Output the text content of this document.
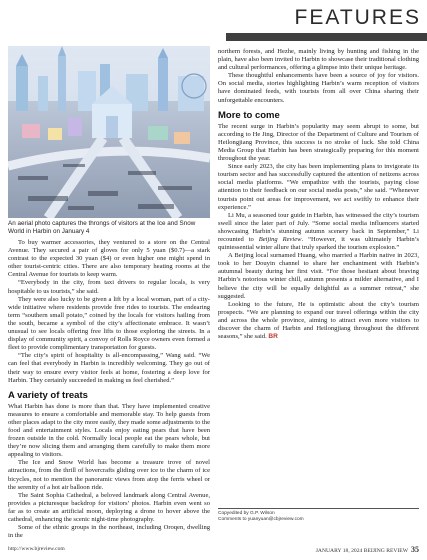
FEATURES
An aerial photo captures the throngs of visitors at the Ice and Snow World in Harbin on January 4

To buy warmer accessories, they ventured to a store on the Central Avenue. They secured a pair of gloves for only 5 yuan ($0.7)—a stark contrast to the expected 30 yuan ($4) or even higher one might spend in other tourist-centric cities. There are also temporary heating rooms at the Central Avenue for tourists to keep warm.

“Everybody in the city, from taxi drivers to regular locals, is very hospitable to us tourists,” she said.

They were also lucky to be given a lift by a local woman, part of a city-wide initiative where residents provide free rides to tourists. The endearing term “southern small potato,” coined by the locals for visitors hailing from the south, became a symbol of the city’s affectionate embrace. It wasn’t unusual to see locals offering free lifts to those exploring the streets. In a display of community spirit, a convoy of Rolls Royce owners even formed a fleet to provide complimentary transportation for guests.

“The city’s spirit of hospitality is all-encompassing,” Wang said. “We can feel that everybody in Harbin is incredibly welcoming. They go out of their way to ensure every visitor feels at home, fostering a deep love for Harbin. They certainly succeeded in making us feel cherished.”

A variety of treats

What Harbin has done is more than that. They have implemented creative measures to ensure a comfortable and memorable stay. To help guests from other places adapt to the city more easily, they made some adjustments to the food and entertainment styles. Locals enjoy eating pears that have been frozen outside in the cold. Normally local people eat the pears whole, but they’re now slicing them and arranging them carefully to make them more appealing to visitors.

The Ice and Snow World has become a treasure trove of novel attractions, from the thrill of hovercrafts gliding over ice to the charm of ice bicycles, not to mention the panoramic views from atop the ferris wheel or the serenity of a hot air balloon ride.

The Saint Sophia Cathedral, a beloved landmark along Central Avenue, provides a picturesque backdrop for visitors’ photos. Harbin even went so far as to create an artificial moon, deploying a drone to hover above the cathedral, enhancing the scenic night-time photography.

Some of the ethnic groups in the northeast, including Oroqen, dwelling in the

northern forests, and Hezhe, mainly living by hunting and fishing in the plain, have also been invited to Harbin to showcase their traditional clothing and cultural performances, offering a glimpse into their unique heritage.

These thoughtful enhancements have been a source of joy for visitors. On social media, stories highlighting Harbin’s warm reception of visitors have dominated feeds, with tourists from all over China sharing their unforgettable encounters.

More to come

The recent surge in Harbin’s popularity may seem abrupt to some, but according to He Jing, Director of the Department of Culture and Tourism of Heilongjiang Province, this success is no stroke of luck. She told China Media Group that Harbin has been strategically preparing for this moment throughout the year.

Since early 2023, the city has been implementing plans to invigorate its tourism sector and has successfully captured the attention of netizens across social media platforms. “We empathize with the tourists, paying close attention to their feedback on our social media posts,” she said. “Whenever tourists point out areas for improvement, we act swiftly to enhance their experience.”

Li Mu, a seasoned tour guide in Harbin, has witnessed the city’s tourism swell since the later part of July. “Some social media influencers started showcasing Harbin’s stunning autumn scenery back in September,” Li recounted to Beijing Review. “However, it was ultimately Harbin’s quintessential winter allure that truly sparked the tourism explosion.”

A Beijing local surnamed Huang, who married a Harbin native in 2023, took to her Douyin channel to share her enchantment with Harbin’s autumnal beauty during her first visit. “For those hesitant about braving Harbin’s notorious winter chill, autumn presents a milder alternative, and I believe the city will be equally delightful as a summer retreat,” she suggested.

Looking to the future, He is optimistic about the city’s tourism prospects. “We are planning to expand our travel offerings within the city and across the whole province, aiming to attract even more visitors to discover the charm of Harbin and Heilongjiang throughout the different seasons,” she said. BR

Copyedited by G.P. Wilson
Comments to yuanyuan@cbjreview.com
http://www.bjreview.com	JANUARY 18, 2024 BEIJING REVIEW 35
